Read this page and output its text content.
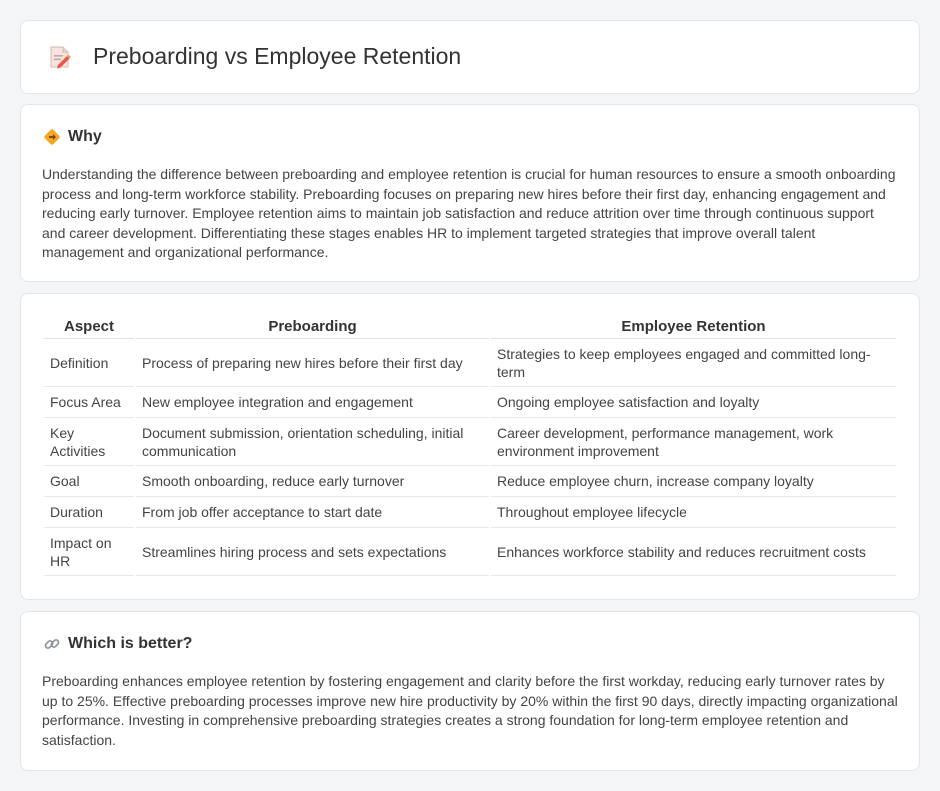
Preboarding vs Employee Retention
Why

Understanding the difference between preboarding and employee retention is crucial for human resources to ensure a smooth onboarding process and long-term workforce stability. Preboarding focuses on preparing new hires before their first day, enhancing engagement and reducing early turnover. Employee retention aims to maintain job satisfaction and reduce attrition over time through continuous support and career development. Differentiating these stages enables HR to implement targeted strategies that improve overall talent management and organizational performance.

Aspect	Preboarding	Employee Retention
Definition	Process of preparing new hires before their first day	Strategies to keep employees engaged and committed long-term
Focus Area	New employee integration and engagement	Ongoing employee satisfaction and loyalty
Key Activities	Document submission, orientation scheduling, initial communication	Career development, performance management, work environment improvement
Goal	Smooth onboarding, reduce early turnover	Reduce employee churn, increase company loyalty
Duration	From job offer acceptance to start date	Throughout employee lifecycle
Impact on HR	Streamlines hiring process and sets expectations	Enhances workforce stability and reduces recruitment costs
Which is better?

Preboarding enhances employee retention by fostering engagement and clarity before the first workday, reducing early turnover rates by up to 25%. Effective preboarding processes improve new hire productivity by 20% within the first 90 days, directly impacting organizational performance. Investing in comprehensive preboarding strategies creates a strong foundation for long-term employee retention and satisfaction.
